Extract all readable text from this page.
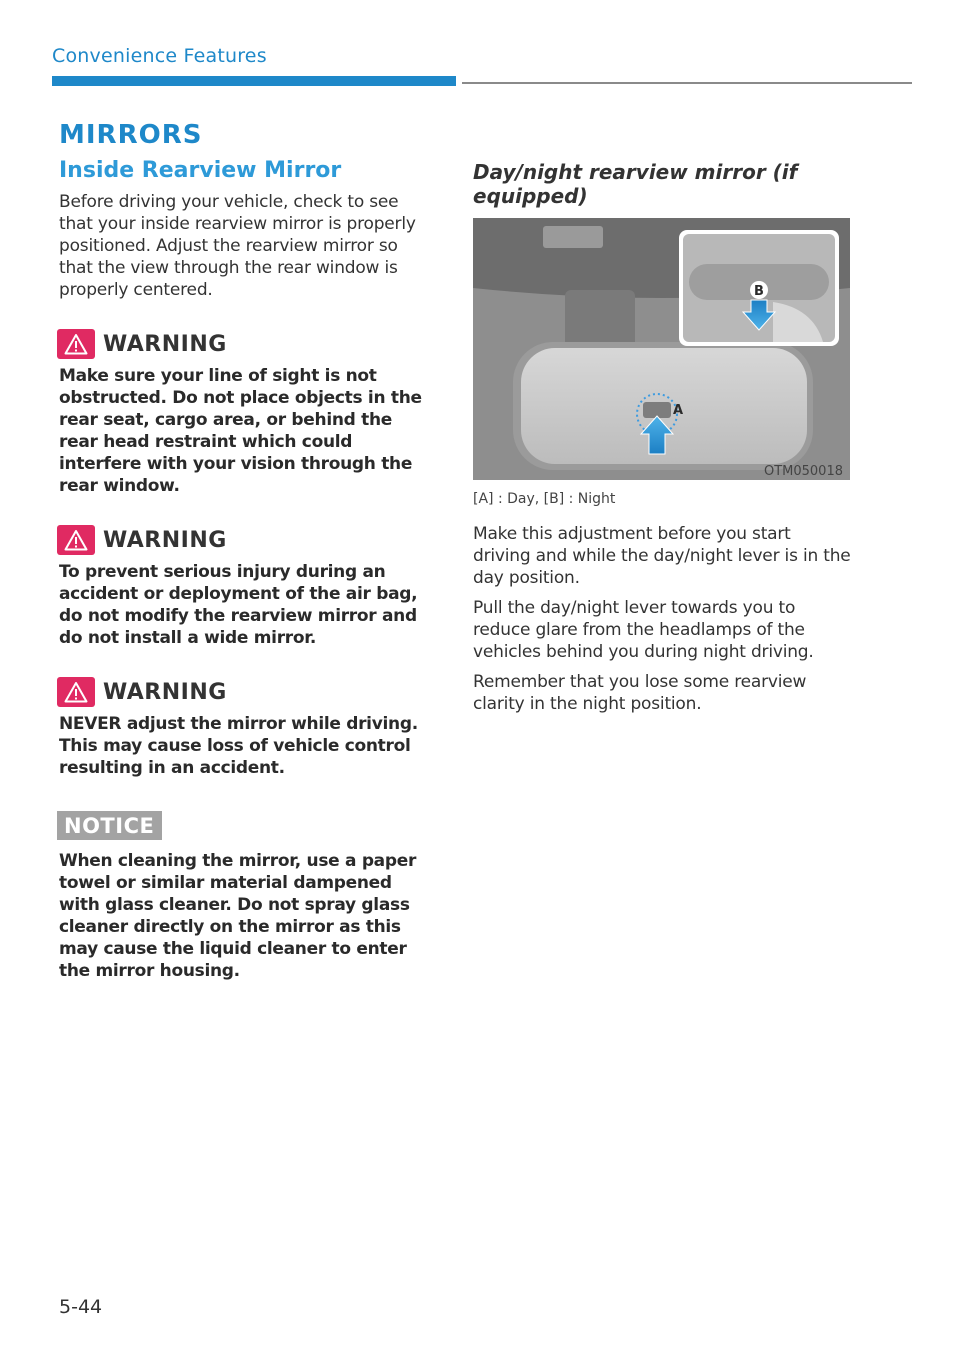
Convenience Features
MIRRORS
Inside Rearview Mirror

Before driving your vehicle, check to see that your inside rearview mirror is properly positioned. Adjust the rearview mirror so that the view through the rear window is properly centered.

WARNING
Make sure your line of sight is not obstructed. Do not place objects in the rear seat, cargo area, or behind the rear head restraint which could interfere with your vision through the rear window.
WARNING
To prevent serious injury during an accident or deployment of the air bag, do not modify the rearview mirror and do not install a wide mirror.
WARNING
NEVER adjust the mirror while driving. This may cause loss of vehicle control resulting in an accident.
NOTICE
When cleaning the mirror, use a paper towel or similar material dampened with glass cleaner. Do not spray glass cleaner directly on the mirror as this may cause the liquid cleaner to enter the mirror housing.
Day/night rearview mirror (if equipped)
A
B
OTM050018
[A] : Day, [B] : Night

Make this adjustment before you start driving and while the day/night lever is in the day position.

Pull the day/night lever towards you to reduce glare from the headlamps of the vehicles behind you during night driving.

Remember that you lose some rearview clarity in the night position.

5-44
